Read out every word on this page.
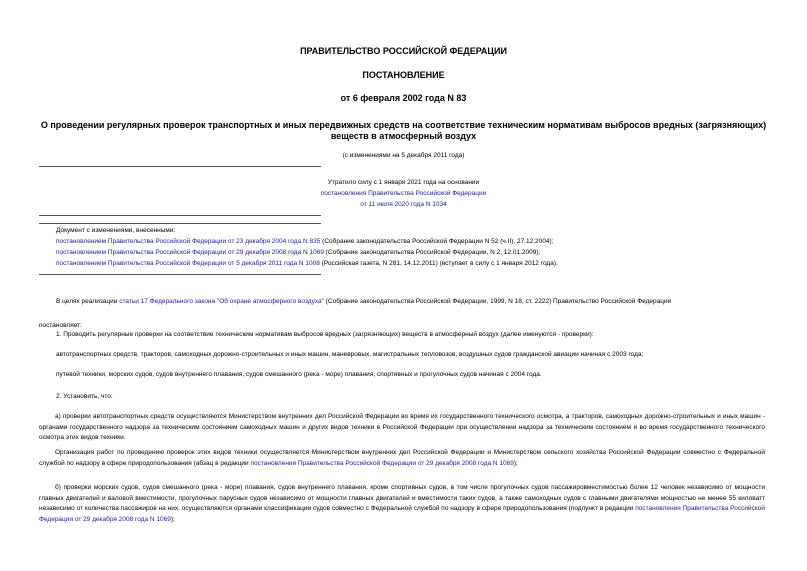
ПРАВИТЕЛЬСТВО РОССИЙСКОЙ ФЕДЕРАЦИИ
ПОСТАНОВЛЕНИЕ
от 6 февраля 2002 года N 83
О проведении регулярных проверок транспортных и иных передвижных средств на соответствие техническим нормативам выбросов вредных (загрязняющих) веществ в атмосферный воздух
(с изменениями на 5 декабря 2011 года)
Утратило силу с 1 января 2021 года на основании
постановления Правительства Российской Федерации
от 11 июля 2020 года N 1034
Документ с изменениями, внесенными:
постановлением Правительства Российской Федерации от 23 декабря 2004 года N 835 (Собрание законодательства Российской Федерации N 52 (ч.II), 27.12.2004);
постановлением Правительства Российской Федерации от 29 декабря 2008 года N 1069 (Собрание законодательства Российской Федерации, N 2, 12.01.2009);
постановлением Правительства Российской Федерации от 5 декабря 2011 года N 1008 (Российская газета, N 281, 14.12.2011) (вступает в силу с 1 января 2012 года).
В целях реализации статьи 17 Федерального закона "Об охране атмосферного воздуха" (Собрание законодательства Российской Федерации, 1999, N 18, ст. 2222) Правительство Российской Федерации
постановляет:
1. Проводить регулярные проверки на соответствие техническим нормативам выбросов вредных (загрязняющих) веществ в атмосферный воздух (далее именуются - проверки):
автотранспортных средств, тракторов, самоходных дорожно-строительных и иных машин, маневровых, магистральных тепловозов, воздушных судов гражданской авиации начиная с 2003 года;
путевой техники, морских судов, судов внутреннего плавания, судов смешанного (река - море) плавания, спортивных и прогулочных судов начиная с 2004 года.
2. Установить, что:
а) проверки автотранспортных средств осуществляются Министерством внутренних дел Российской Федерации во время их государственного технического осмотра, а тракторов, самоходных дорожно-строительных и иных машин - органами государственного надзора за техническим состоянием самоходных машин и других видов техники в Российской Федерации при осуществлении надзора за техническим состоянием и во время государственного технического осмотра этих видов техники.
Организация работ по проведению проверок этих видов техники осуществляется Министерством внутренних дел Российской Федерации и Министерством сельского хозяйства Российской Федерации совместно с Федеральной службой по надзору в сфере природопользования (абзац в редакции постановления Правительства Российской Федерации от 29 декабря 2008 года N 1069);
б) проверки морских судов, судов смешанного (река - море) плавания, судов внутреннего плавания, кроме спортивных судов, в том числе прогулочных судов пассажировместимостью более 12 человек независимо от мощности главных двигателей и валовой вместимости, прогулочных парусных судов независимо от мощности главных двигателей и вместимости таких судов, а также самоходных судов с главными двигателями мощностью не менее 55 киловатт независимо от количества пассажиров на них, осуществляются органами классификации судов совместно с Федеральной службой по надзору в сфере природопользования (подпункт в редакции постановления Правительства Российской Федерации от 29 декабря 2008 года N 1069);
